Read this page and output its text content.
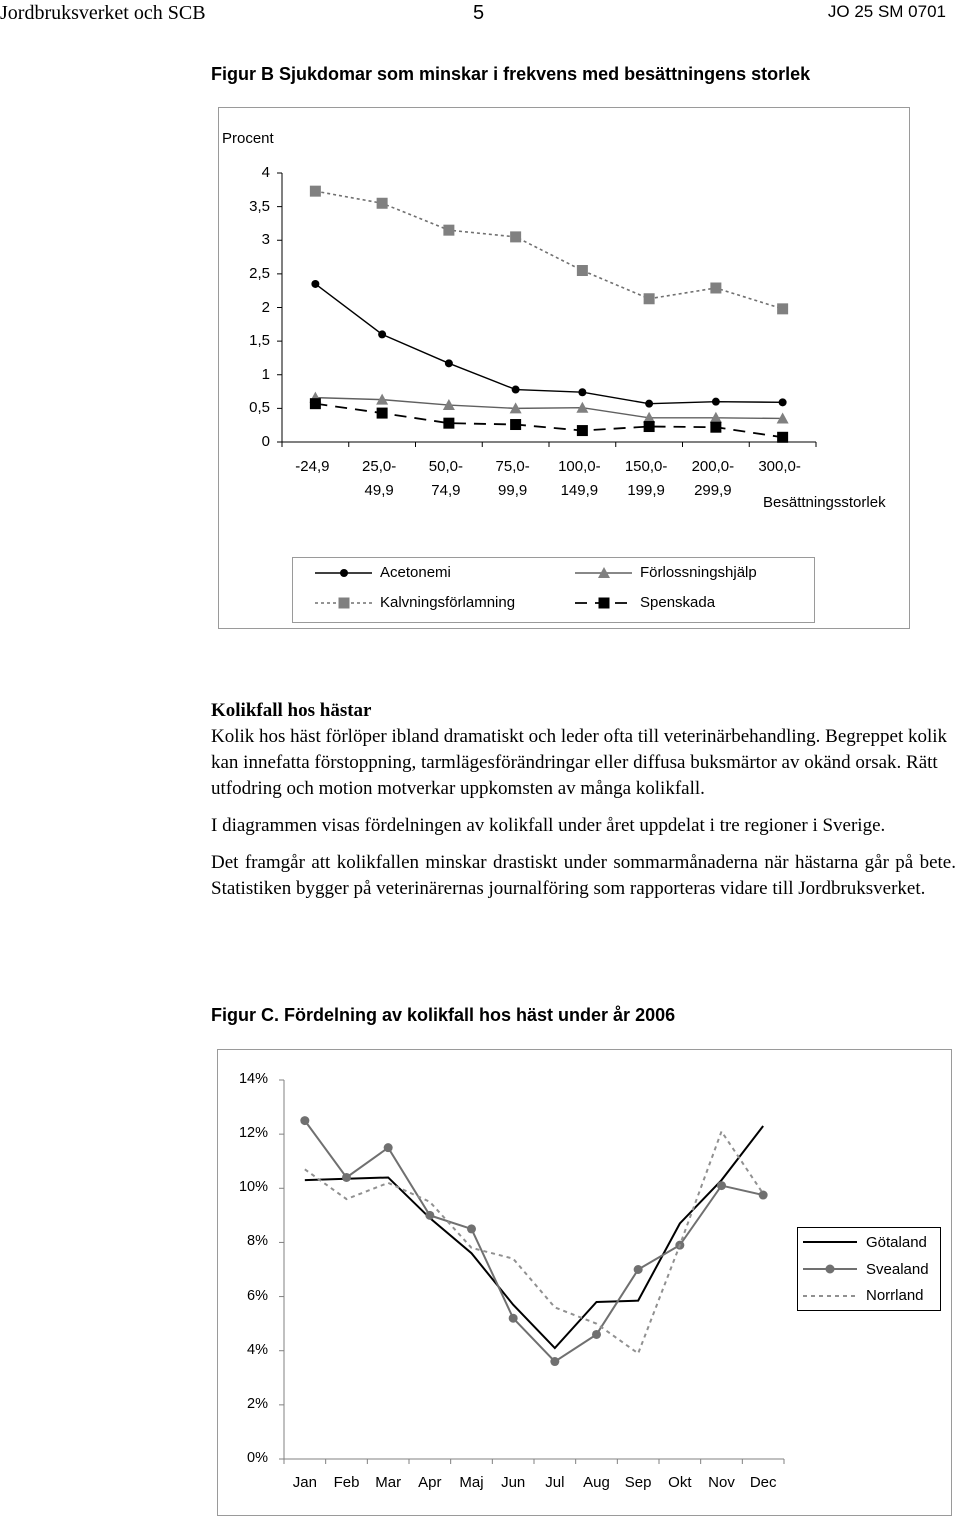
Jordbruksverket och SCB	5	JO 25 SM 0701
Figur B Sjukdomar som minskar i frekvens med besättningens storlek
Procent
4
3,5
3
2,5
2
1,5
1
0,5
0
-24,9
	25,0-
49,9
50,0-
74,9
75,0-
99,9
100,0-
149,9
150,0-
199,9
200,0-
299,9
300,0-

Besättningsstorlek
Acetonemi	Förlossningshjälp
Kalvningsförlamning	Spenskada

Kolikfall hos hästar

Kolik hos häst förlöper ibland dramatiskt och leder ofta till veterinärbehandling. Begreppet kolik kan innefatta förstoppning, tarmlägesförändringar eller diffusa buksmärtor av okänd orsak. Rätt utfodring och motion motverkar uppkomsten av många kolikfall.

I diagrammen visas fördelningen av kolikfall under året uppdelat i tre regioner i Sverige.

Det framgår att kolikfallen minskar drastiskt under sommarmånaderna när hästarna går på bete. Statistiken bygger på veterinärernas journalföring som rapporteras vidare till Jordbruksverket.

Figur C. Fördelning av kolikfall hos häst under år 2006
14%
12%
10%
8%
6%
4%
2%
0%
Jan	Feb	Mar	Apr	Maj	Jun	Jul	Aug Sep	Okt	Nov Dec
Götaland
Svealand
Norrland
